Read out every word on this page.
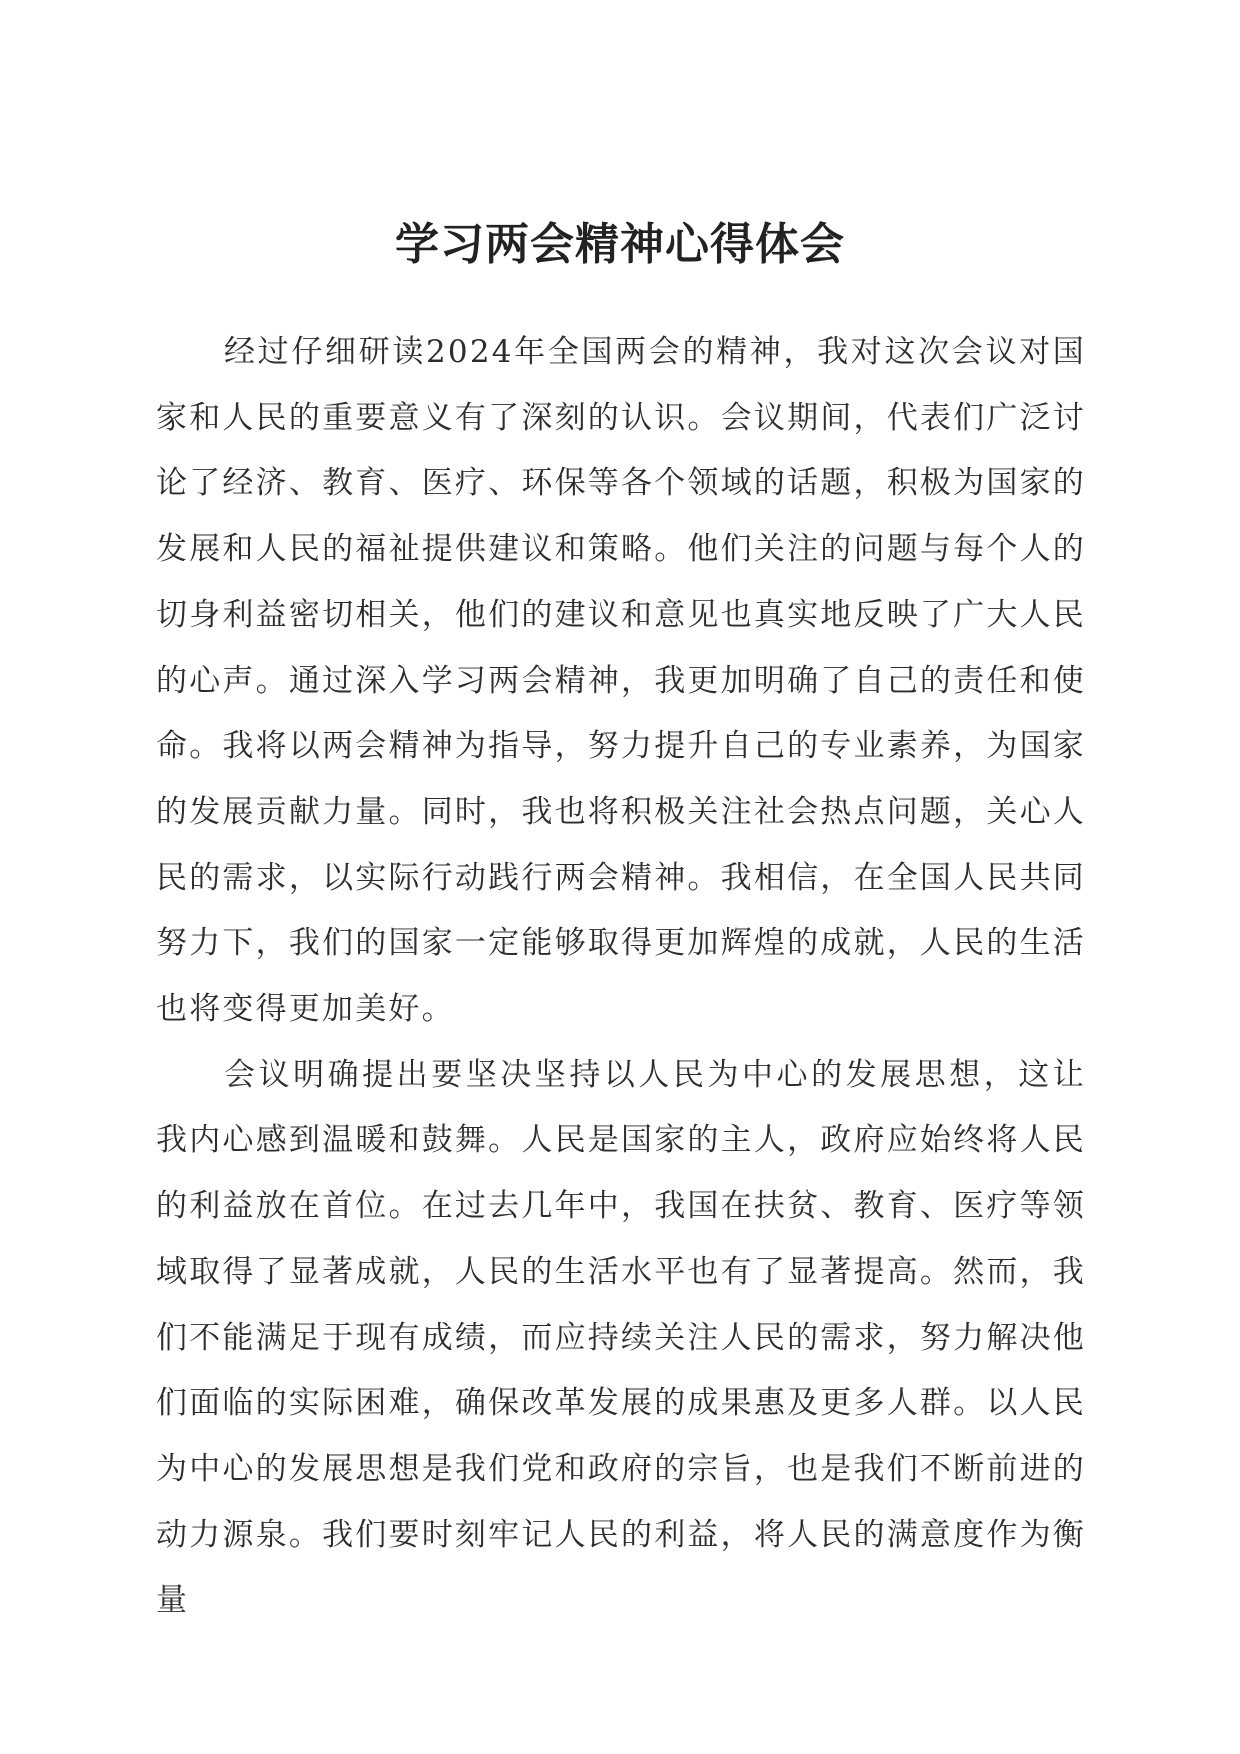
学习两会精神心得体会

经过仔细研读2024年全国两会的精神，我对这次会议对国家和人民的重要意义有了深刻的认识。会议期间，代表们广泛讨论了经济、教育、医疗、环保等各个领域的话题，积极为国家的发展和人民的福祉提供建议和策略。他们关注的问题与每个人的切身利益密切相关，他们的建议和意见也真实地反映了广大人民的心声。通过深入学习两会精神，我更加明确了自己的责任和使命。我将以两会精神为指导，努力提升自己的专业素养，为国家的发展贡献力量。同时，我也将积极关注社会热点问题，关心人民的需求，以实际行动践行两会精神。我相信，在全国人民共同努力下，我们的国家一定能够取得更加辉煌的成就，人民的生活也将变得更加美好。

会议明确提出要坚决坚持以人民为中心的发展思想，这让我内心感到温暖和鼓舞。人民是国家的主人，政府应始终将人民的利益放在首位。在过去几年中，我国在扶贫、教育、医疗等领域取得了显著成就，人民的生活水平也有了显著提高。然而，我们不能满足于现有成绩，而应持续关注人民的需求，努力解决他们面临的实际困难，确保改革发展的成果惠及更多人群。以人民为中心的发展思想是我们党和政府的宗旨，也是我们不断前进的动力源泉。我们要时刻牢记人民的利益，将人民的满意度作为衡量
